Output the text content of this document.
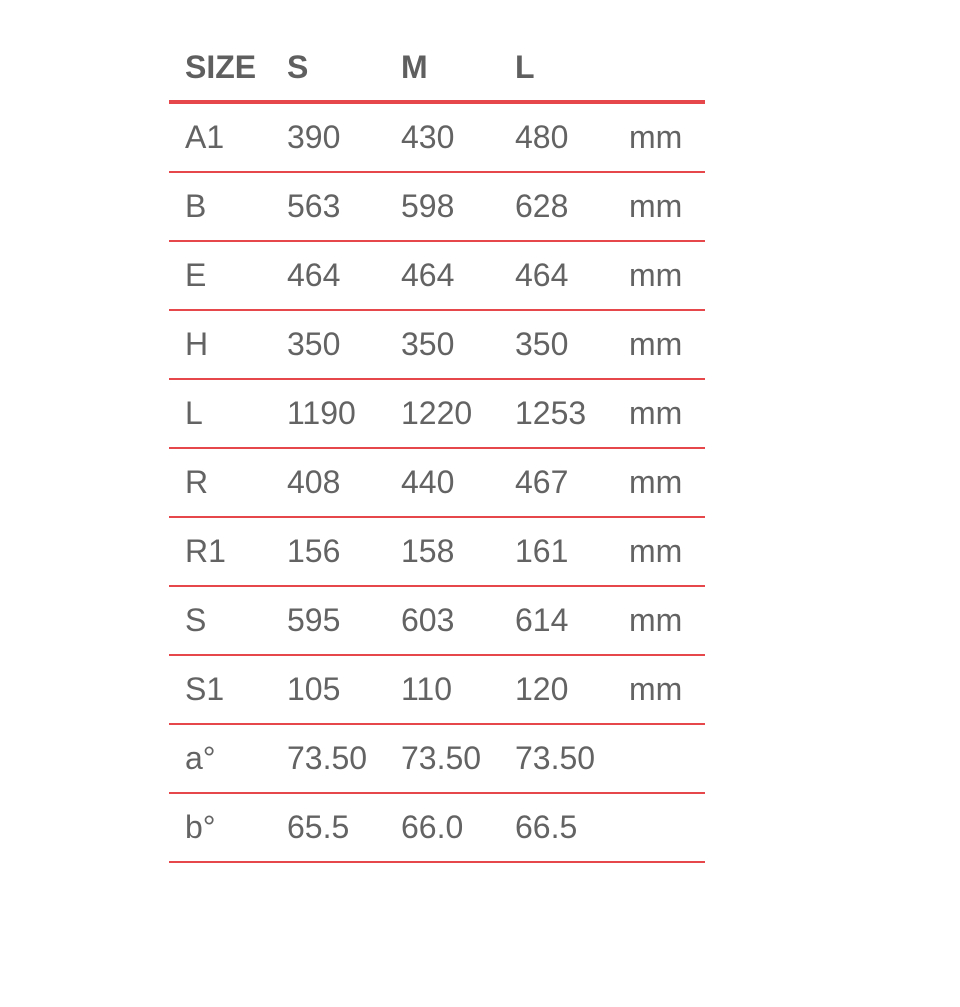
SIZE	S	M	L	
A1	390	430	480	mm
B	563	598	628	mm
E	464	464	464	mm
H	350	350	350	mm
L	1190	1220	1253	mm
R	408	440	467	mm
R1	156	158	161	mm
S	595	603	614	mm
S1	105	110	120	mm
a°	73.50	73.50	73.50	
b°	65.5	66.0	66.5	
